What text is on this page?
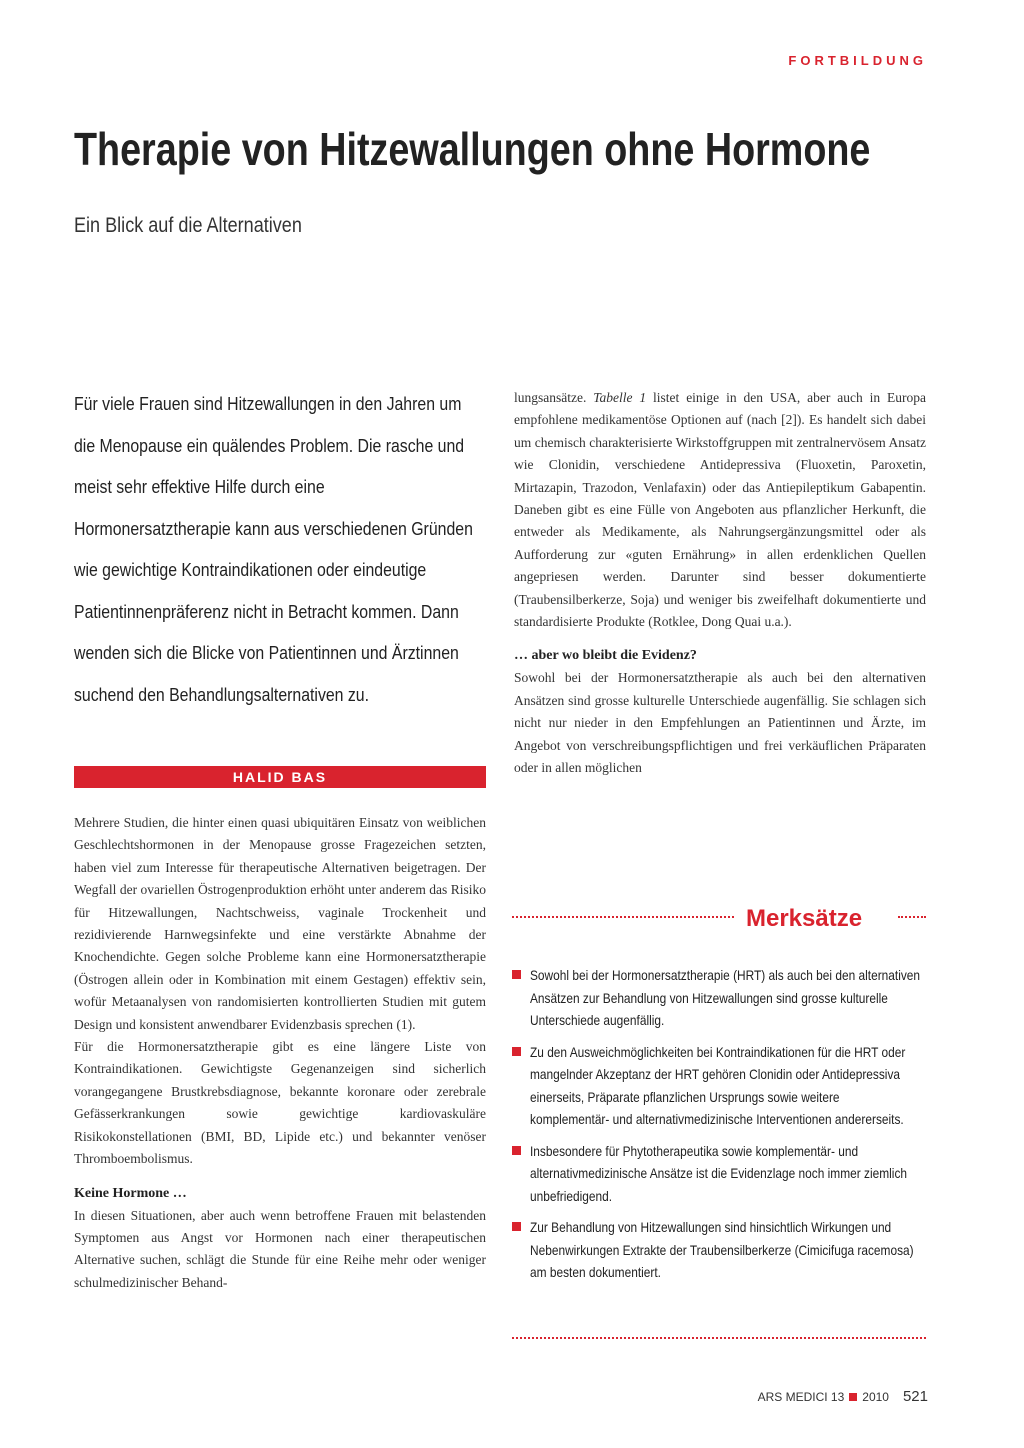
FORTBILDUNG
Therapie von Hitzewallungen ohne Hormone
Ein Blick auf die Alternativen

Für viele Frauen sind Hitzewallungen in den Jahren um die Menopause ein quälendes Problem. Die rasche und meist sehr effektive Hilfe durch eine Hormonersatztherapie kann aus verschiedenen Gründen wie gewichtige Kontraindikationen oder eindeutige Patientinnenpräferenz nicht in Betracht kommen. Dann wenden sich die Blicke von Patientinnen und Ärztinnen suchend den Behandlungsalternativen zu.

HALID BAS

Mehrere Studien, die hinter einen quasi ubiquitären Einsatz von weiblichen Geschlechtshormonen in der Menopause grosse Fragezeichen setzten, haben viel zum Interesse für therapeutische Alternativen beigetragen. Der Wegfall der ovariellen Östrogenproduktion erhöht unter anderem das Risiko für Hitzewallungen, Nachtschweiss, vaginale Trockenheit und rezidivierende Harnwegsinfekte und eine verstärkte Abnahme der Knochendichte. Gegen solche Probleme kann eine Hormonersatztherapie (Östrogen allein oder in Kombination mit einem Gestagen) effektiv sein, wofür Metaanalysen von randomisierten kontrollierten Studien mit gutem Design und konsistent anwendbarer Evidenzbasis sprechen (1).

Für die Hormonersatztherapie gibt es eine längere Liste von Kontraindikationen. Gewichtigste Gegenanzeigen sind sicherlich vorangegangene Brustkrebsdiagnose, bekannte koronare oder zerebrale Gefässerkrankungen sowie gewichtige kardiovaskuläre Risikokonstellationen (BMI, BD, Lipide etc.) und bekannter venöser Thromboembolismus.

Keine Hormone …

In diesen Situationen, aber auch wenn betroffene Frauen mit belastenden Symptomen aus Angst vor Hormonen nach einer therapeutischen Alternative suchen, schlägt die Stunde für eine Reihe mehr oder weniger schulmedizinischer Behand-

lungsansätze. Tabelle 1 listet einige in den USA, aber auch in Europa empfohlene medikamentöse Optionen auf (nach [2]). Es handelt sich dabei um chemisch charakterisierte Wirkstoffgruppen mit zentralnervösem Ansatz wie Clonidin, verschiedene Antidepressiva (Fluoxetin, Paroxetin, Mirtazapin, Trazodon, Venlafaxin) oder das Antiepileptikum Gabapentin. Daneben gibt es eine Fülle von Angeboten aus pflanzlicher Herkunft, die entweder als Medikamente, als Nahrungsergänzungsmittel oder als Aufforderung zur «guten Ernährung» in allen erdenklichen Quellen angepriesen werden. Darunter sind besser dokumentierte (Traubensilberkerze, Soja) und weniger bis zweifelhaft dokumentierte und standardisierte Produkte (Rotklee, Dong Quai u.a.).

… aber wo bleibt die Evidenz?

Sowohl bei der Hormonersatztherapie als auch bei den alternativen Ansätzen sind grosse kulturelle Unterschiede augenfällig. Sie schlagen sich nicht nur nieder in den Empfehlungen an Patientinnen und Ärzte, im Angebot von verschreibungspflichtigen und frei verkäuflichen Präparaten oder in allen möglichen

Merksätze
Sowohl bei der Hormonersatztherapie (HRT) als auch bei den alternativen Ansätzen zur Behandlung von Hitzewallungen sind grosse kulturelle Unterschiede augenfällig.
Zu den Ausweichmöglichkeiten bei Kontraindikationen für die HRT oder mangelnder Akzeptanz der HRT gehören Clonidin oder Antidepressiva einerseits, Präparate pflanzlichen Ursprungs sowie weitere komplementär- und alternativmedizinische Interventionen andererseits.
Insbesondere für Phytotherapeutika sowie komplementär- und alternativmedizinische Ansätze ist die Evidenzlage noch immer ziemlich unbefriedigend.
Zur Behandlung von Hitzewallungen sind hinsichtlich Wirkungen und Nebenwirkungen Extrakte der Traubensilberkerze (Cimicifuga racemosa) am besten dokumentiert.
ARS MEDICI 13 2010 521
